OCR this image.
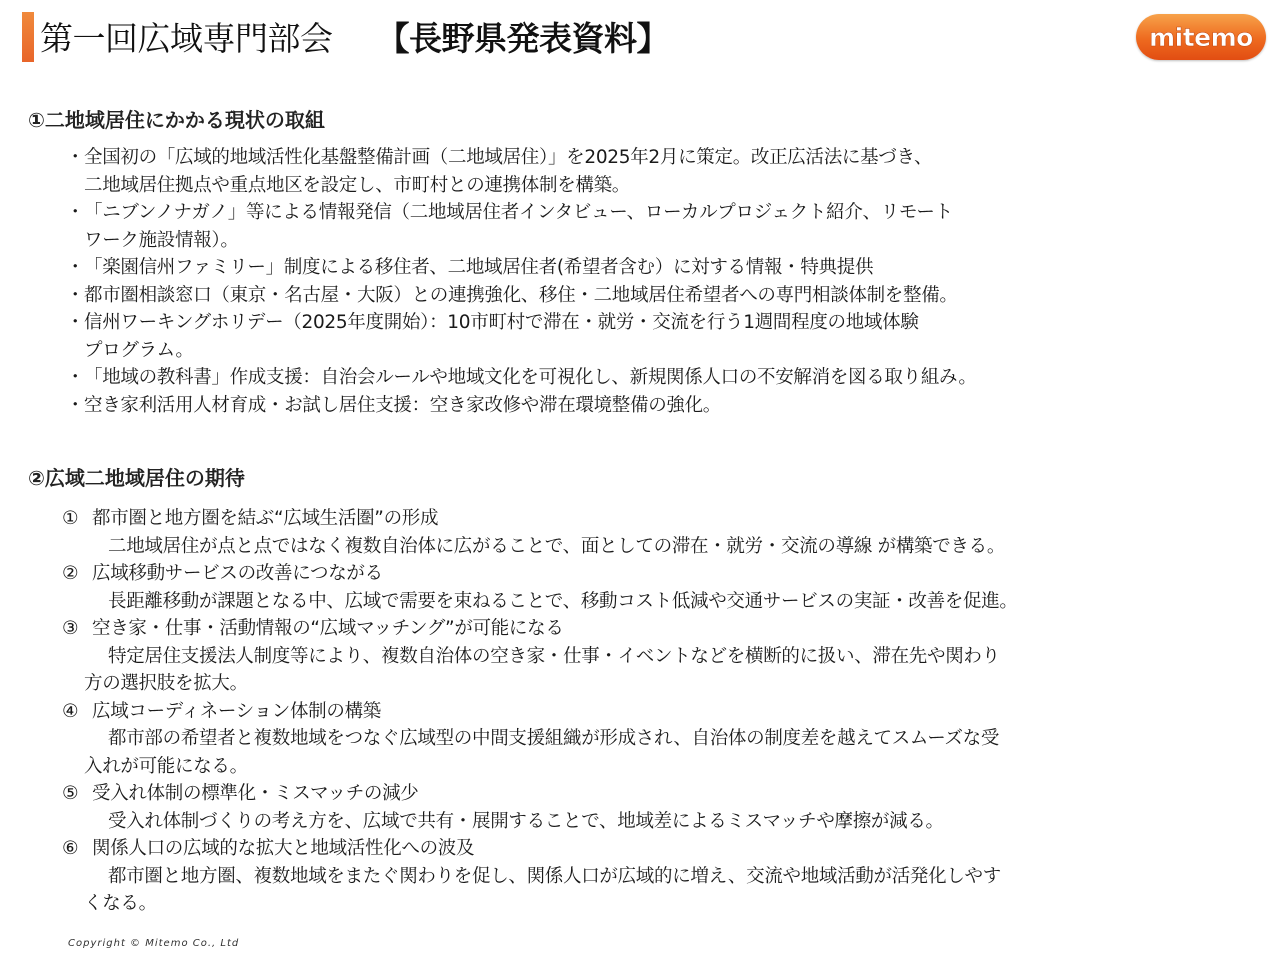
第一回広域専門部会 【長野県発表資料】	mitemo
①二地域居住にかかる現状の取組
・ 全国初の「広域的地域活性化基盤整備計画（二地域居住）」を2025年2月に策定。改正広活法に基づき、
二地域居住拠点や重点地区を設定し、市町村との連携体制を構築。
・ 「ニブンノナガノ」等による情報発信（二地域居住者インタビュー、ローカルプロジェクト紹介、リモート
ワーク施設情報）。
・ 「楽園信州ファミリー」制度による移住者、二地域居住者(希望者含む）に対する情報・特典提供
・ 都市圏相談窓口（東京・名古屋・大阪）との連携強化、移住・二地域居住希望者への専門相談体制を整備。
・ 信州ワーキングホリデー（2025年度開始）：10市町村で滞在・就労・交流を行う1週間程度の地域体験
プログラム。
・ 「地域の教科書」作成支援：自治会ルールや地域文化を可視化し、新規関係人口の不安解消を図る取り組み。
・ 空き家利活用人材育成・お試し居住支援：空き家改修や滞在環境整備の強化。
②広域二地域居住の期待
① 都市圏と地方圏を結ぶ“広域生活圏”の形成
二地域居住が点と点ではなく複数自治体に広がることで、面としての滞在・就労・交流の導線 が構築できる。
② 広域移動サービスの改善につながる
長距離移動が課題となる中、広域で需要を束ねることで、移動コスト低減や交通サービスの実証・改善を促進。
③ 空き家・仕事・活動情報の“広域マッチング”が可能になる
特定居住支援法人制度等により、複数自治体の空き家・仕事・イベントなどを横断的に扱い、滞在先や関わり
方の選択肢を拡大。
④ 広域コーディネーション体制の構築
都市部の希望者と複数地域をつなぐ広域型の中間支援組織が形成され、自治体の制度差を越えてスムーズな受
入れが可能になる。
⑤ 受入れ体制の標準化・ミスマッチの減少
受入れ体制づくりの考え方を、広域で共有・展開することで、地域差によるミスマッチや摩擦が減る。
⑥ 関係人口の広域的な拡大と地域活性化への波及
都市圏と地方圏、複数地域をまたぐ関わりを促し、関係人口が広域的に増え、交流や地域活動が活発化しやす
くなる。
Copyright © Mitemo Co., Ltd
